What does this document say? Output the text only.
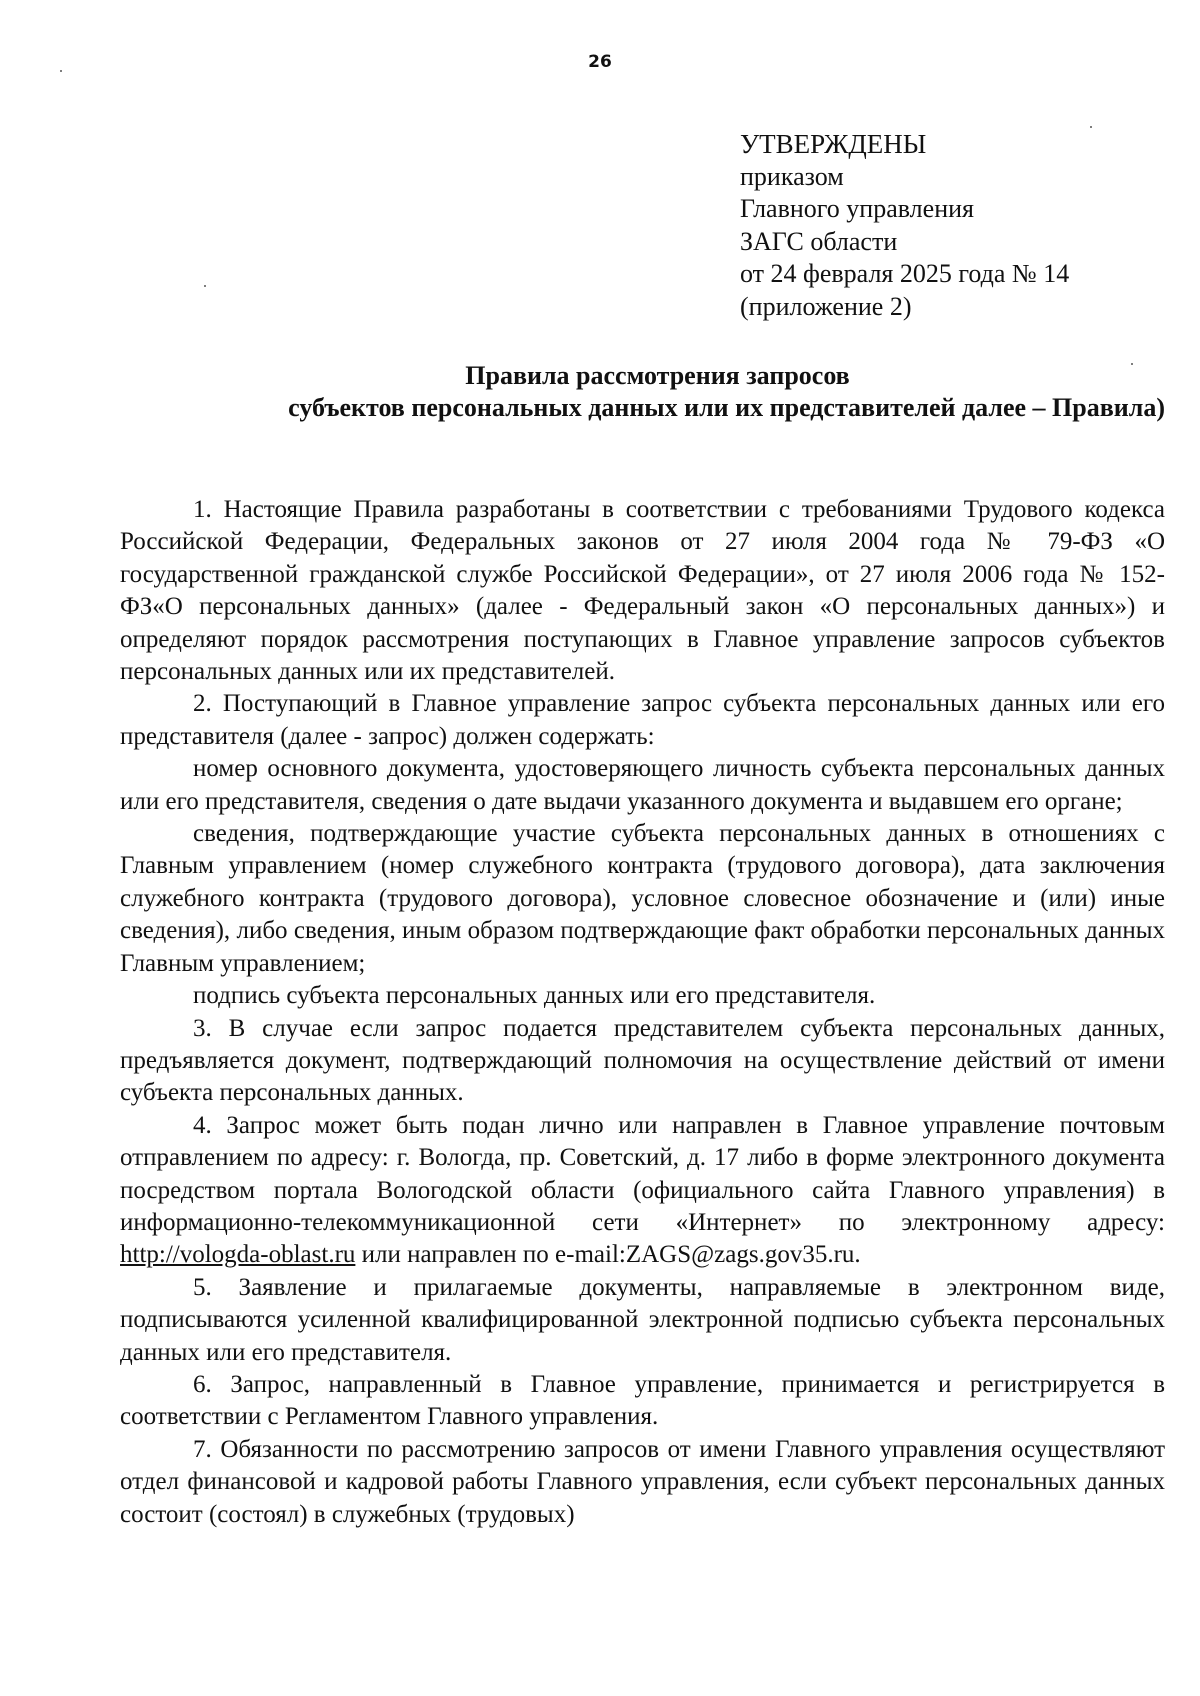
26
УТВЕРЖДЕНЫ
приказом
Главного управления
ЗАГС области
от 24 февраля 2025 года № 14
(приложение 2)
Правила рассмотрения запросов
субъектов персональных данных или их представителей далее – Правила)

1. Настоящие Правила разработаны в соответствии с требованиями Трудового кодекса Российской Федерации, Федеральных законов от 27 июля 2004 года № 79-ФЗ «О государственной гражданской службе Российской Федерации», от 27 июля 2006 года № 152-ФЗ«О персональных данных» (далее - Федеральный закон «О персональных данных») и определяют порядок рассмотрения поступающих в Главное управление запросов субъектов персональных данных или их представителей.

2. Поступающий в Главное управление запрос субъекта персональных данных или его представителя (далее - запрос) должен содержать:

номер основного документа, удостоверяющего личность субъекта персональных данных или его представителя, сведения о дате выдачи указанного документа и выдавшем его органе;

сведения, подтверждающие участие субъекта персональных данных в отношениях с Главным управлением (номер служебного контракта (трудового договора), дата заключения служебного контракта (трудового договора), условное словесное обозначение и (или) иные сведения), либо сведения, иным образом подтверждающие факт обработки персональных данных Главным управлением;

подпись субъекта персональных данных или его представителя.

3. В случае если запрос подается представителем субъекта персональных данных, предъявляется документ, подтверждающий полномочия на осуществление действий от имени субъекта персональных данных.

4. Запрос может быть подан лично или направлен в Главное управление почтовым отправлением по адресу: г. Вологда, пр. Советский, д. 17 либо в форме электронного документа посредством портала Вологодской области (официального сайта Главного управления) в информационно-телекоммуникационной сети «Интернет» по электронному адресу: http://vologda-oblast.ru или направлен по e-mail:ZAGS@zags.gov35.ru.

5. Заявление и прилагаемые документы, направляемые в электронном виде, подписываются усиленной квалифицированной электронной подписью субъекта персональных данных или его представителя.

6. Запрос, направленный в Главное управление, принимается и регистрируется в соответствии с Регламентом Главного управления.

7. Обязанности по рассмотрению запросов от имени Главного управления осуществляют отдел финансовой и кадровой работы Главного управления, если субъект персональных данных состоит (состоял) в служебных (трудовых)
